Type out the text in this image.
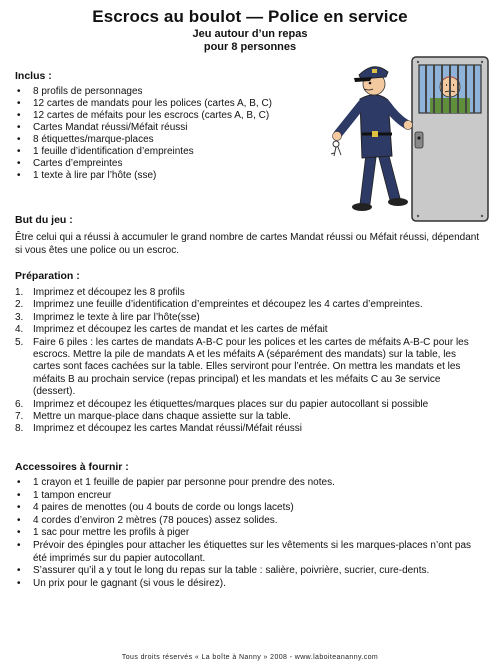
Escrocs au boulot — Police en service
Jeu autour d’un repas
pour 8 personnes
Inclus :
• 8 profils de personnages
• 12 cartes de mandats pour les polices (cartes A, B, C)
• 12 cartes de méfaits pour les escrocs (cartes A, B, C)
• Cartes Mandat réussi/Méfait réussi
• 8 étiquettes/marque-places
• 1 feuille d’identification d’empreintes
• Cartes d’empreintes
• 1 texte à lire par l’hôte (sse)
But du jeu :
Être celui qui a réussi à accumuler le grand nombre de cartes Mandat réussi ou Méfait réussi, dépendant si vous êtes une police ou un escroc.
Préparation :
1. Imprimez et découpez les 8 profils
2. Imprimez une feuille d’identification d’empreintes et découpez les 4 cartes d’empreintes.
3. Imprimez le texte à lire par l’hôte(sse)
4. Imprimez et découpez les cartes de mandat et les cartes de méfait
5. Faire 6 piles : les cartes de mandats A-B-C pour les polices et les cartes de méfaits A-B-C pour les escrocs. Mettre la pile de mandats A et les méfaits A (séparément des mandats) sur la table, les cartes sont faces cachées sur la table. Elles serviront pour l’entrée. On mettra les mandats et les méfaits B au prochain service (repas principal) et les mandats et les méfaits C au 3e service (dessert).
6. Imprimez et découpez les étiquettes/marques places sur du papier autocollant si possible
7. Mettre un marque-place dans chaque assiette sur la table.
8. Imprimez et découpez les cartes Mandat réussi/Méfait réussi
Accessoires à fournir :
• 1 crayon et 1 feuille de papier par personne pour prendre des notes.
• 1 tampon encreur
• 4 paires de menottes (ou 4 bouts de corde ou longs lacets)
• 4 cordes d’environ 2 mètres (78 pouces) assez solides.
• 1 sac pour mettre les profils à piger
• Prévoir des épingles pour attacher les étiquettes sur les vêtements si les marques-places n’ont pas été imprimés sur du papier autocollant.
• S’assurer qu’il a y tout le long du repas sur la table : salière, poivrière, sucrier, cure-dents.
• Un prix pour le gagnant (si vous le désirez).
Tous droits réservés « La boîte à Nanny » 2008 - www.laboiteananny.com
